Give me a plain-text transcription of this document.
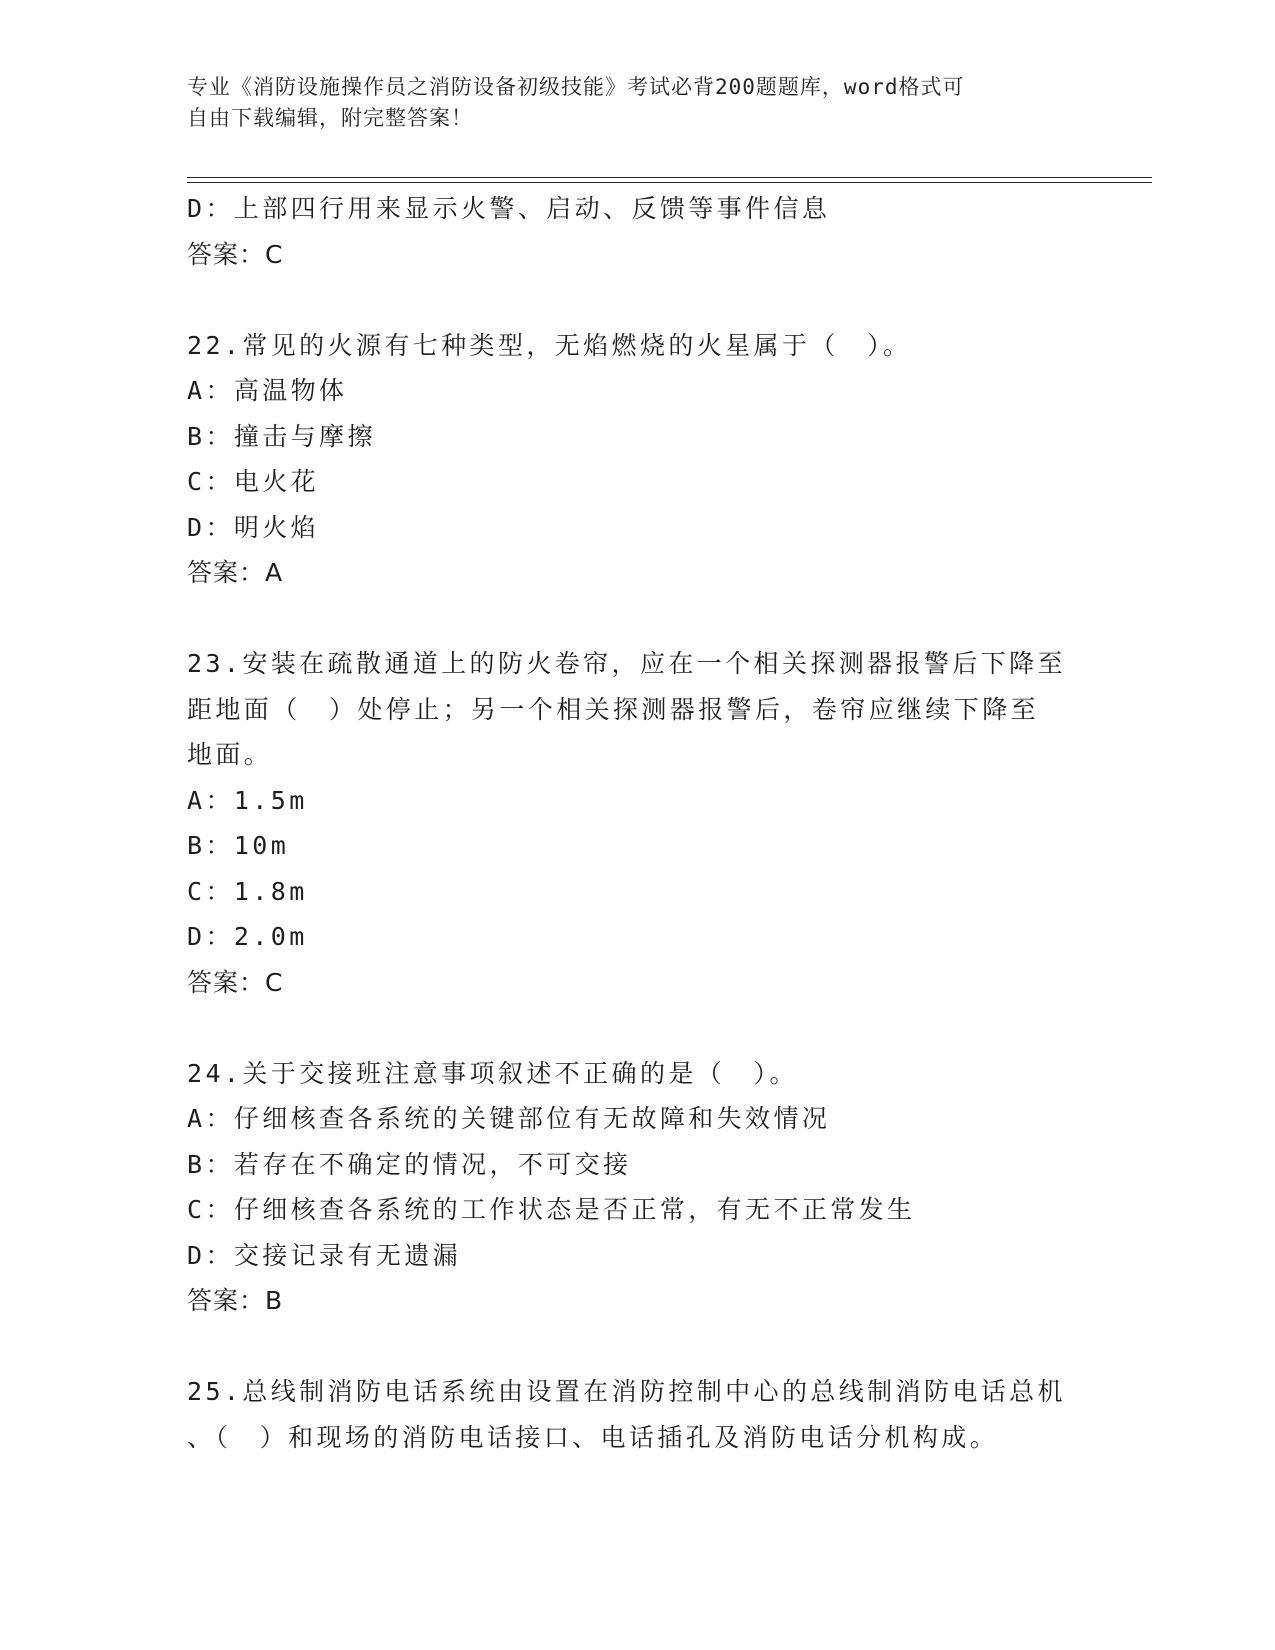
专业《消防设施操作员之消防设备初级技能》考试必背200题题库，word格式可
自由下载编辑，附完整答案！
D：上部四行用来显示火警、启动、反馈等事件信息
答案：C
22.常见的火源有七种类型，无焰燃烧的火星属于（　）。
A：高温物体
B：撞击与摩擦
C：电火花
D：明火焰
答案：A
23.安装在疏散通道上的防火卷帘，应在一个相关探测器报警后下降至
距地面（　）处停止；另一个相关探测器报警后，卷帘应继续下降至
地面。
A：1.5m
B：10m
C：1.8m
D：2.0m
答案：C
24.关于交接班注意事项叙述不正确的是（　）。
A：仔细核查各系统的关键部位有无故障和失效情况
B：若存在不确定的情况，不可交接
C：仔细核查各系统的工作状态是否正常，有无不正常发生
D：交接记录有无遗漏
答案：B
25.总线制消防电话系统由设置在消防控制中心的总线制消防电话总机
、（　）和现场的消防电话接口、电话插孔及消防电话分机构成。
